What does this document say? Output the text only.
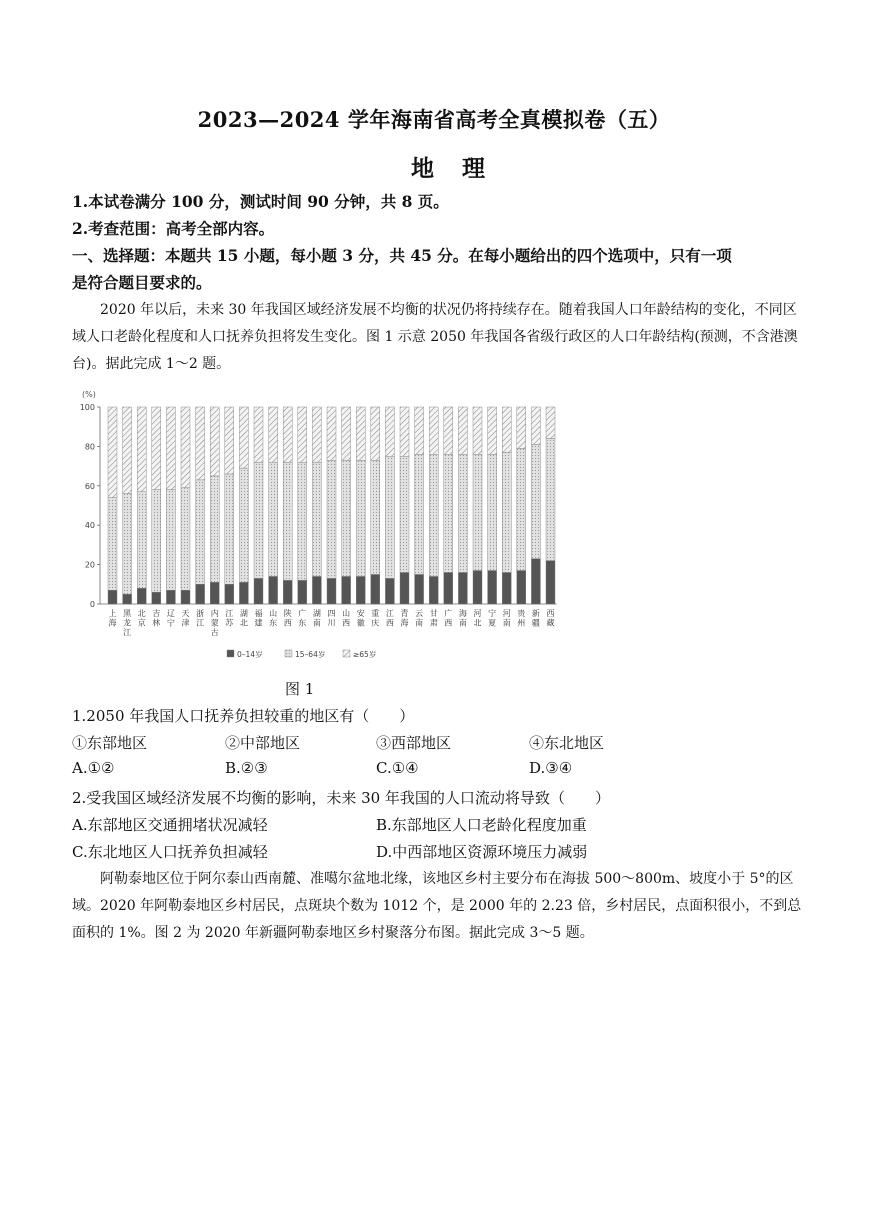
2023—2024 学年海南省高考全真模拟卷（五）
地理
1.本试卷满分 100 分，测试时间 90 分钟，共 8 页。
2.考查范围：高考全部内容。
一、选择题：本题共 15 小题，每小题 3 分，共 45 分。在每小题给出的四个选项中，只有一项
是符合题目要求的。
2020 年以后，未来 30 年我国区域经济发展不均衡的状况仍将持续存在。随着我国人口年龄结构的变化，不同区域人口老龄化程度和人口抚养负担将发生变化。图 1 示意 2050 年我国各省级行政区的人口年龄结构(预测，不含港澳台)。据此完成 1～2 题。
(%)
0
20
40
60
80
100
上
海
黑
龙
江
北
京
吉
林
辽
宁
天
津
浙
江
内
蒙
古
江
苏
湖
北
福
建
山
东
陕
西
广
东
湖
南
四
川
山
西
安
徽
重
庆
江
西
青
海
云
南
甘
肃
广
西
海
南
河
北
宁
夏
河
南
贵
州
新
疆
西
藏
0–14岁	15–64岁	≥65岁
图 1
1.2050 年我国人口抚养负担较重的地区有（　　）
①东部地区	②中部地区	③西部地区	④东北地区
A.①②	B.②③	C.①④	D.③④
2.受我国区域经济发展不均衡的影响，未来 30 年我国的人口流动将导致（　　）
A.东部地区交通拥堵状况减轻	B.东部地区人口老龄化程度加重
C.东北地区人口抚养负担减轻	D.中西部地区资源环境压力减弱
阿勒泰地区位于阿尔泰山西南麓、准噶尔盆地北缘，该地区乡村主要分布在海拔 500～800m、坡度小于 5°的区域。2020 年阿勒泰地区乡村居民，点斑块个数为 1012 个，是 2000 年的 2.23 倍，乡村居民，点面积很小，不到总面积的 1%。图 2 为 2020 年新疆阿勒泰地区乡村聚落分布图。据此完成 3～5 题。
